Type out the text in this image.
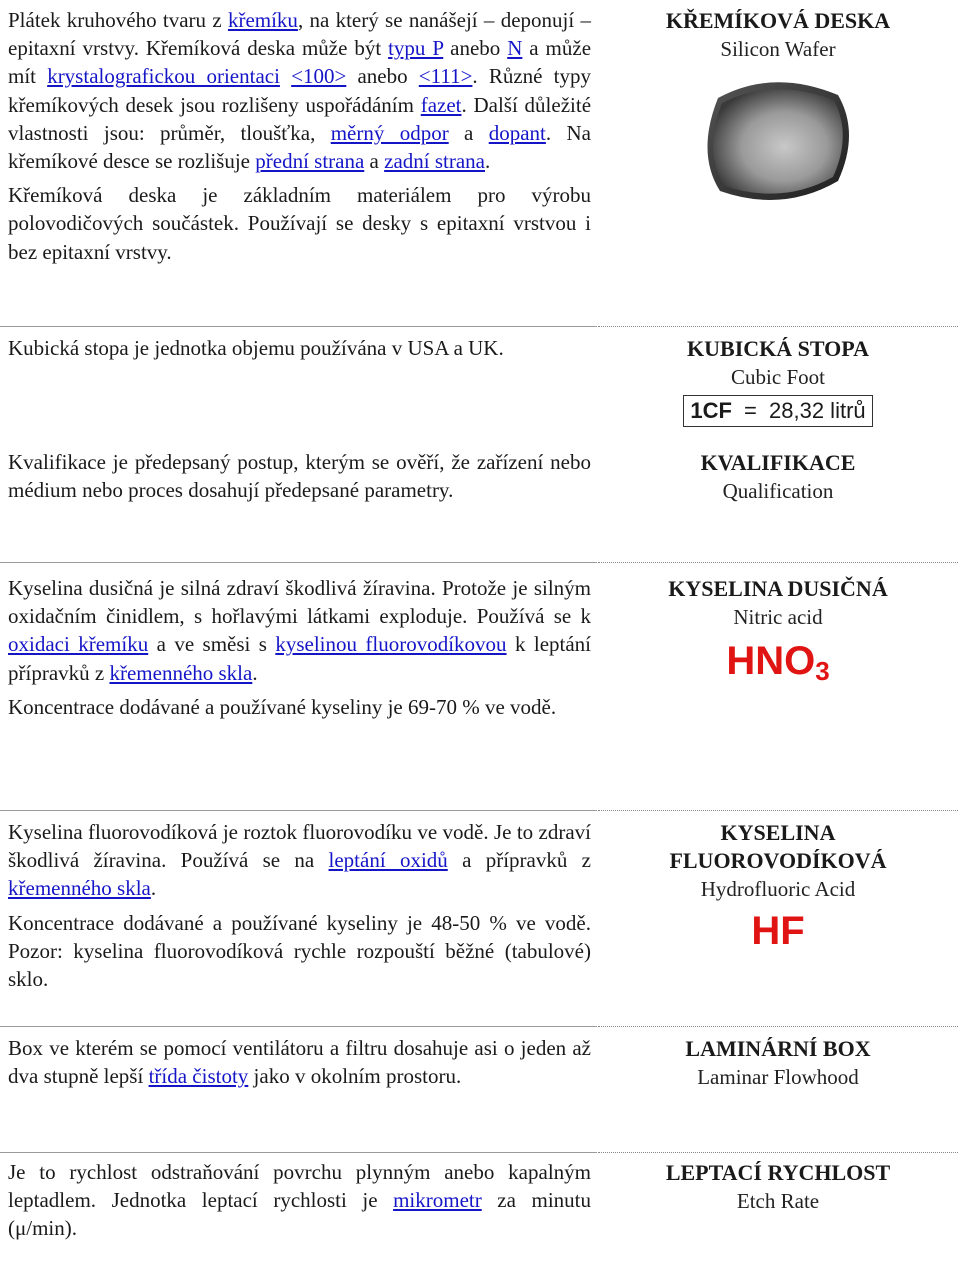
Plátek kruhového tvaru z křemíku, na který se nanášejí – deponují – epitaxní vrstvy. Křemíková deska může být typu P anebo N a může mít krystalografickou orientaci <100> anebo <111>. Různé typy křemíkových desek jsou rozlišeny uspořádáním fazet. Další důležité vlastnosti jsou: průměr, tloušťka, měrný odpor a dopant. Na křemíkové desce se rozlišuje přední strana a zadní strana.

Křemíková deska je základním materiálem pro výrobu polovodičových součástek. Používají se desky s epitaxní vrstvou i bez epitaxní vrstvy.

KŘEMÍKOVÁ DESKA
Silicon Wafer

Kubická stopa je jednotka objemu používána v USA a UK.	KUBICKÁ STOPA
Cubic Foot
1CF = 28,32 litrů

Kvalifikace je předepsaný postup, kterým se ověří, že zařízení nebo médium nebo proces dosahují předepsané parametry.

KVALIFIKACE
Qualification

Kyselina dusičná je silná zdraví škodlivá žíravina. Protože je silným oxidačním činidlem, s hořlavými látkami exploduje. Používá se k oxidaci křemíku a ve směsi s kyselinou fluorovodíkovou k leptání přípravků z křemenného skla.

Koncentrace dodávané a používané kyseliny je 69-70 % ve vodě.

KYSELINA DUSIČNÁ
Nitric acid
$HNO_3$

Kyselina fluorovodíková je roztok fluorovodíku ve vodě. Je to zdraví škodlivá žíravina. Používá se na leptání oxidů a přípravků z křemenného skla.

Koncentrace dodávané a používané kyseliny je 48-50 % ve vodě. Pozor: kyselina fluorovodíková rychle rozpouští běžné (tabulové) sklo.

KYSELINA
FLUOROVODÍKOVÁ
Hydrofluoric Acid
HF

Box ve kterém se pomocí ventilátoru a filtru dosahuje asi o jeden až dva stupně lepší třída čistoty jako v okolním prostoru.

LAMINÁRNÍ BOX
Laminar Flowhood

Je to rychlost odstraňování povrchu plynným anebo kapalným leptadlem. Jednotka leptací rychlosti je mikrometr za minutu (μ/min).

LEPTACÍ RYCHLOST
Etch Rate
